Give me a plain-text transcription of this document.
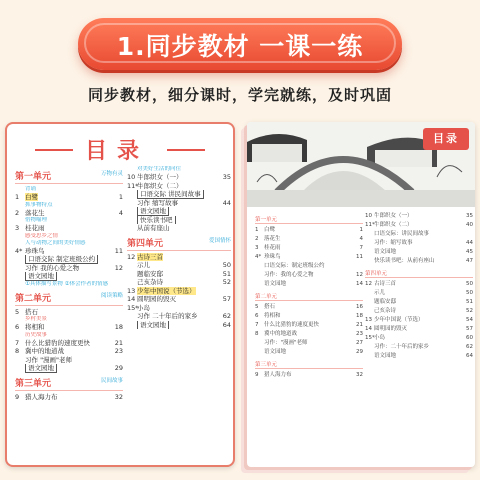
1.同步教材 一课一练
同步教材，细分课时，学完就练，及时巩固
目录
第一单元	万物有灵
背诵
1 白鹭	1
抓事物特点
2 落花生	4
借物喻理
3 桂花雨
感受思乡之情
人与动物之间的美好情感
4* 珍珠鸟	11
口语交际 制定班级公约
习作 我的心爱之物	12
语文园地
①具体描写景物 ②体会作者的情感
第二单元	阅读策略
5 搭石
乡村美景
6 将相和	18
历史故事
7 什么比猎豹的速度更快	21
8 冀中的地道战	23
习作 "漫画"老师
语文园地	29
第三单元	民间故事
9 猎人海力布	32
对美好生活的向往
10 牛郎织女（一）	35
11*
牛郎织女（二）
口语交际 讲民间故事
习作 缩写故事	44
语文园地
快乐读书吧
从前有座山
第四单元	爱国情怀
12 古诗三首
示儿	50
题临安邸	51
己亥杂诗	52
13 少年中国说（节选）
14 圆明园的毁灭	57
15*
小岛
习作 二十年后的家乡	62
语文园地	64
目录
第一单元
1	白鹭	1
2	落花生	4
3	桂花雨	7
4* 珍珠鸟	11
口语交际：制定班级公约
习作：我的心爱之物	12
语文园地	14
第二单元
5	搭石	16
6	将相和	18
7	什么比猎豹的速度更快	21
8	冀中的地道战	23
习作："漫画"老师	27
语文园地	29
第三单元
9	猎人海力布	32
10 牛郎织女（一）	35
11* 牛郎织女（二）	40
口语交际：讲民间故事
习作：缩写故事	44
语文园地	45
快乐读书吧：从前有座山	47
第四单元
12 古诗三首	50
示儿	50
题临安邸	51
己亥杂诗	52
13 少年中国说（节选）	54
14 圆明园的毁灭	57
15* 小岛	60
习作：二十年后的家乡	62
语文园地	64
